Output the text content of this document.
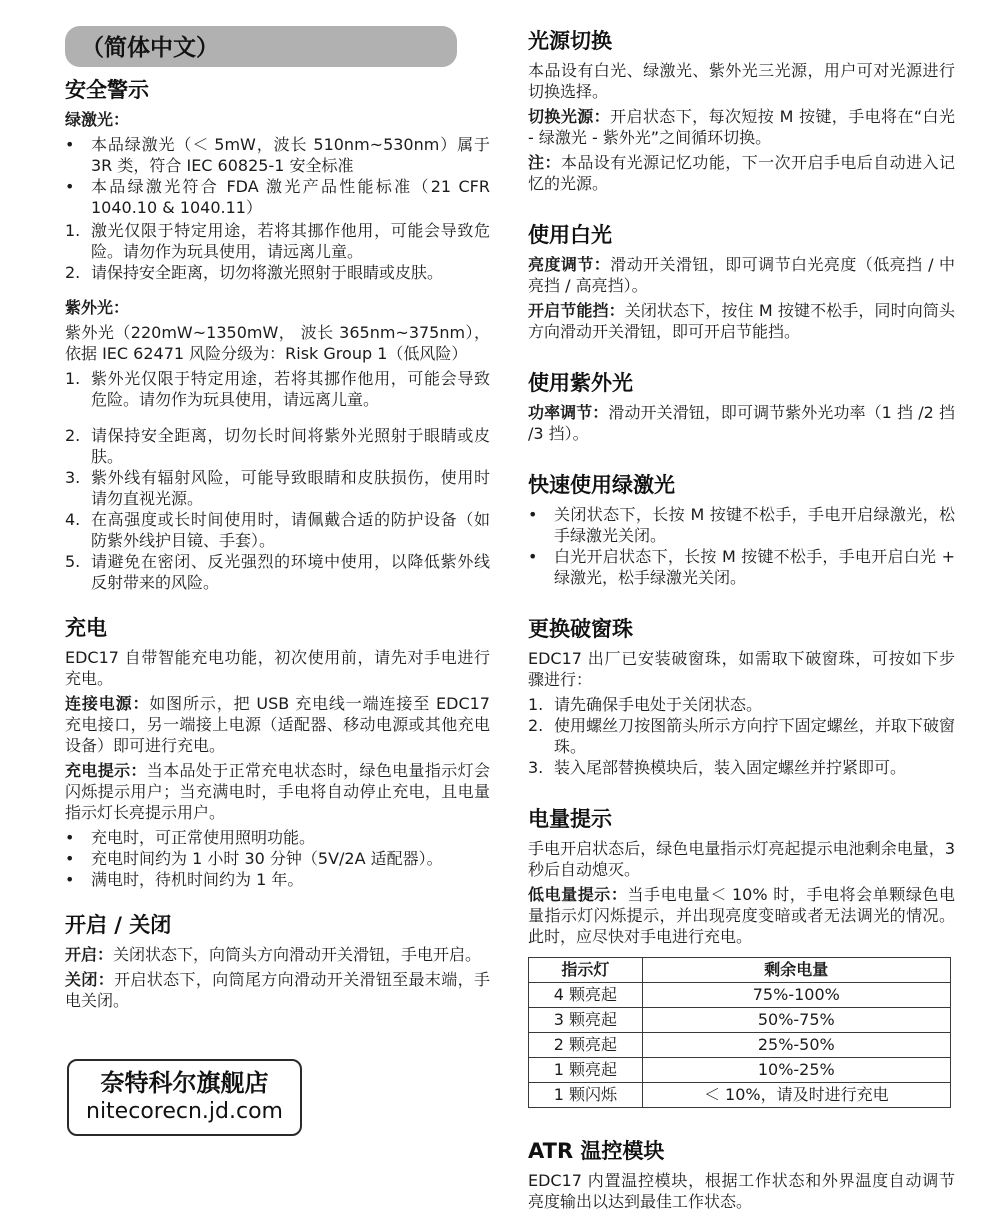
（简体中文）
安全警示

绿激光：

•	本品绿激光（＜ 5mW，波长 510nm~530nm）属于 3R 类，符合 IEC 60825-1 安全标准
•	本品绿激光符合 FDA 激光产品性能标准（21 CFR 1040.10 & 1040.11）
1. 激光仅限于特定用途，若将其挪作他用，可能会导致危险。请勿作为玩具使用，请远离儿童。
2. 请保持安全距离，切勿将激光照射于眼睛或皮肤。

紫外光：

紫外光（220mW~1350mW， 波长 365nm~375nm），依据 IEC 62471 风险分级为：Risk Group 1（低风险）

1. 紫外光仅限于特定用途，若将其挪作他用，可能会导致危险。请勿作为玩具使用，请远离儿童。
2. 请保持安全距离，切勿长时间将紫外光照射于眼睛或皮肤。
3. 紫外线有辐射风险，可能导致眼睛和皮肤损伤，使用时请勿直视光源。
4. 在高强度或长时间使用时，请佩戴合适的防护设备（如防紫外线护目镜、手套）。
5. 请避免在密闭、反光强烈的环境中使用，以降低紫外线反射带来的风险。
充电

EDC17 自带智能充电功能，初次使用前，请先对手电进行充电。

连接电源：如图所示，把 USB 充电线一端连接至 EDC17 充电接口，另一端接上电源（适配器、移动电源或其他充电设备）即可进行充电。

充电提示：当本品处于正常充电状态时，绿色电量指示灯会闪烁提示用户；当充满电时，手电将自动停止充电，且电量指示灯长亮提示用户。

•	充电时，可正常使用照明功能。
•	充电时间约为 1 小时 30 分钟（5V/2A 适配器）。
•	满电时，待机时间约为 1 年。
开启 / 关闭

开启：关闭状态下，向筒头方向滑动开关滑钮，手电开启。

关闭：开启状态下，向筒尾方向滑动开关滑钮至最末端，手电关闭。

奈特科尔旗舰店
nitecorecn.jd.com
光源切换

本品设有白光、绿激光、紫外光三光源，用户可对光源进行切换选择。

切换光源：开启状态下，每次短按 M 按键，手电将在“白光 - 绿激光 - 紫外光”之间循环切换。

注：本品设有光源记忆功能，下一次开启手电后自动进入记忆的光源。

使用白光

亮度调节：滑动开关滑钮，即可调节白光亮度（低亮挡 / 中亮挡 / 高亮挡）。

开启节能挡：关闭状态下，按住 M 按键不松手，同时向筒头方向滑动开关滑钮，即可开启节能挡。

使用紫外光

功率调节：滑动开关滑钮，即可调节紫外光功率（1 挡 /2 挡 /3 挡）。

快速使用绿激光
•	关闭状态下，长按 M 按键不松手，手电开启绿激光，松手绿激光关闭。
•	白光开启状态下，长按 M 按键不松手，手电开启白光 + 绿激光，松手绿激光关闭。
更换破窗珠

EDC17 出厂已安装破窗珠，如需取下破窗珠，可按如下步骤进行：

1. 请先确保手电处于关闭状态。
2. 使用螺丝刀按图箭头所示方向拧下固定螺丝，并取下破窗珠。
3. 装入尾部替换模块后，装入固定螺丝并拧紧即可。
电量提示

手电开启状态后，绿色电量指示灯亮起提示电池剩余电量，3 秒后自动熄灭。

低电量提示：当手电电量＜ 10% 时，手电将会单颗绿色电量指示灯闪烁提示，并出现亮度变暗或者无法调光的情况。此时，应尽快对手电进行充电。

指示灯	剩余电量
4 颗亮起	75%-100%
3 颗亮起	50%-75%
2 颗亮起	25%-50%
1 颗亮起	10%-25%
1 颗闪烁	＜ 10%，请及时进行充电
ATR 温控模块

EDC17 内置温控模块，根据工作状态和外界温度自动调节亮度输出以达到最佳工作状态。
